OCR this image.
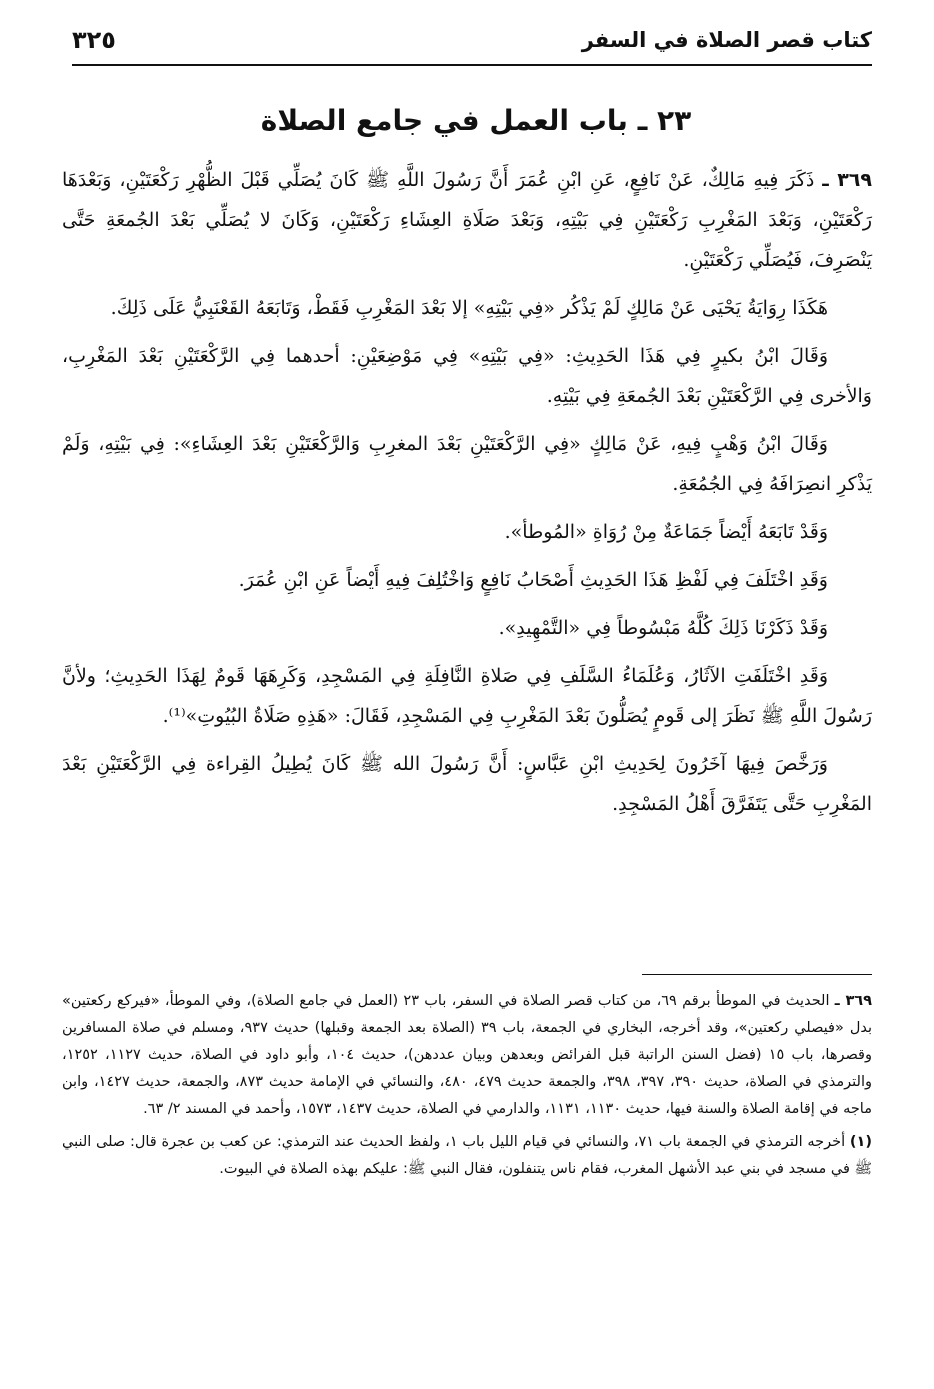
كتاب قصر الصلاة في السفر
٣٢٥
٢٣ ـ باب العمل في جامع الصلاة

٣٦٩ ـ ذَكَرَ فِيهِ مَالِكٌ، عَنْ نَافِعٍ، عَنِ ابْنِ عُمَرَ أَنَّ رَسُولَ اللَّهِ ﷺ كَانَ يُصَلِّي قَبْلَ الظُّهْرِ رَكْعَتَيْنِ، وَبَعْدَهَا رَكْعَتَيْنِ، وَبَعْدَ المَغْرِبِ رَكْعَتَيْنِ فِي بَيْتِهِ، وَبَعْدَ صَلَاةِ العِشَاءِ رَكْعَتَيْنِ، وَكَانَ لا يُصَلِّي بَعْدَ الجُمعَةِ حَتَّى يَنْصَرِفَ، فَيُصَلِّي رَكْعَتَيْنِ.

هَكَذَا رِوَايَةُ يَحْيَى عَنْ مَالِكٍ لَمْ يَذْكُر «فِي بَيْتِهِ» إلا بَعْدَ المَغْرِبِ فَقَطْ، وَتَابَعَهُ القَعْنَبِيُّ عَلَى ذَلِكَ.

وَقَالَ ابْنُ بكيرٍ فِي هَذَا الحَدِيثِ: «فِي بَيْتِهِ» فِي مَوْضِعَيْنِ: أحدهما فِي الرَّكْعَتَيْنِ بَعْدَ المَغْرِبِ، وَالأخرى فِي الرَّكْعَتَيْنِ بَعْدَ الجُمعَةِ فِي بَيْتِهِ.

وَقَالَ ابْنُ وَهْبٍ فِيهِ، عَنْ مَالِكٍ «فِي الرَّكْعَتَيْنِ بَعْدَ المغرِبِ وَالرَّكْعَتَيْنِ بَعْدَ العِشَاءِ»: فِي بَيْتِهِ، وَلَمْ يَذْكرِ انصِرَافَهُ فِي الجُمُعَةِ.

وَقَدْ تَابَعَهُ أَيْضاً جَمَاعَةٌ مِنْ رُوَاةِ «المُوطأ».

وَقَدِ اخْتَلَفَ فِي لَفْظِ هَذَا الحَدِيثِ أَصْحَابُ نَافِعٍ وَاخْتُلِفَ فِيهِ أَيْضاً عَنِ ابْنِ عُمَرَ.

وَقَدْ ذَكَرْنَا ذَلِكَ كُلَّهُ مَبْسُوطاً فِي «التَّمْهِيدِ».

وَقَدِ اخْتَلَفَتِ الآثَارُ، وَعُلَمَاءُ السَّلَفِ فِي صَلاةِ النَّافِلَةِ فِي المَسْجِدِ، وَكَرِهَهَا قَومٌ لِهَذَا الحَدِيثِ؛ ولأنَّ رَسُولَ اللَّهِ ﷺ نَظَرَ إلى قَومٍ يُصَلُّونَ بَعْدَ المَغْرِبِ فِي المَسْجِدِ، فَقَالَ: «هَذِهِ صَلَاةُ البُيُوتِ»⁽¹⁾.

وَرَخَّصَ فِيهَا آخَرُونَ لِحَدِيثِ ابْنِ عَبَّاسٍ: أَنَّ رَسُولَ الله ﷺ كَانَ يُطِيلُ القِراءة فِي الرَّكْعَتَيْنِ بَعْدَ المَغْرِبِ حَتَّى يَتَفَرَّقَ أَهْلُ المَسْجِدِ.

٣٦٩ ـ الحديث في الموطأ برقم ٦٩، من كتاب قصر الصلاة في السفر، باب ٢٣ (العمل في جامع الصلاة)، وفي الموطأ، «فيركع ركعتين» بدل «فيصلي ركعتين»، وقد أخرجه، البخاري في الجمعة، باب ٣٩ (الصلاة بعد الجمعة وقبلها) حديث ٩٣٧، ومسلم في صلاة المسافرين وقصرها، باب ١٥ (فضل السنن الراتبة قبل الفرائض وبعدهن وبيان عددهن)، حديث ١٠٤، وأبو داود في الصلاة، حديث ١١٢٧، ١٢٥٢، والترمذي في الصلاة، حديث ٣٩٠، ٣٩٧، ٣٩٨، والجمعة حديث ٤٧٩، ٤٨٠، والنسائي في الإمامة حديث ٨٧٣، والجمعة، حديث ١٤٢٧، وابن ماجه في إقامة الصلاة والسنة فيها، حديث ١١٣٠، ١١٣١، والدارمي في الصلاة، حديث ١٤٣٧، ١٥٧٣، وأحمد في المسند ٢/ ٦٣.

(١) أخرجه الترمذي في الجمعة باب ٧١، والنسائي في قيام الليل باب ١، ولفظ الحديث عند الترمذي: عن كعب بن عجرة قال: صلى النبي ﷺ في مسجد في بني عبد الأشهل المغرب، فقام ناس يتنفلون، فقال النبي ﷺ: عليكم بهذه الصلاة في البيوت.
